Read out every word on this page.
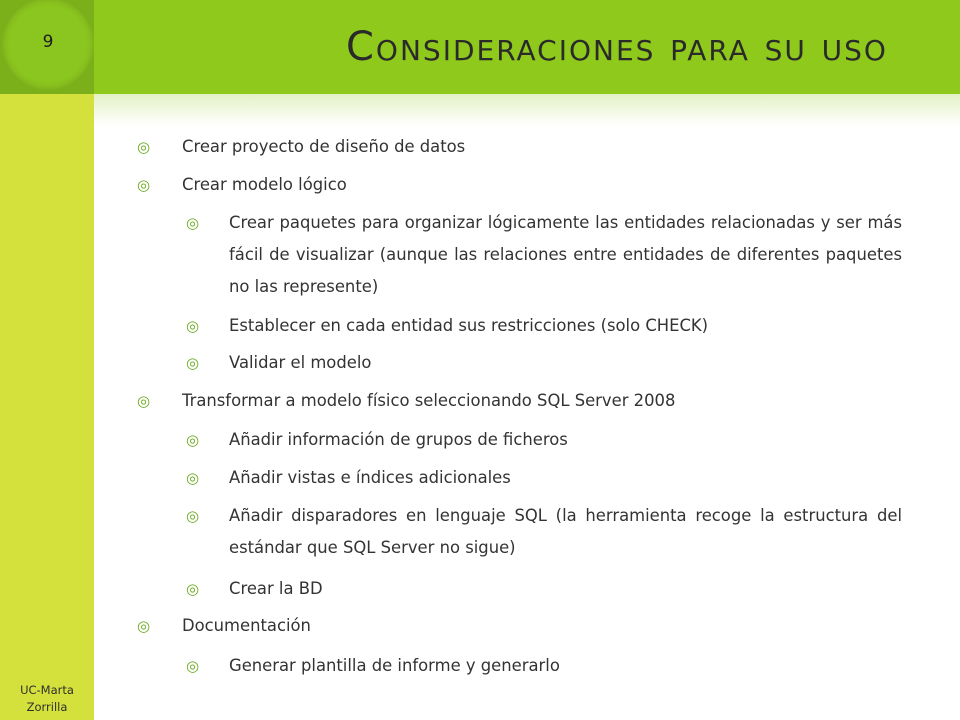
9	Consideraciones para su uso
◎ Crear proyecto de diseño de datos
◎ Crear modelo lógico
◎ Crear paquetes para organizar lógicamente las entidades relacionadas y ser más fácil de visualizar (aunque las relaciones entre entidades de diferentes paquetes no las represente)
◎ Establecer en cada entidad sus restricciones (solo CHECK)
◎ Validar el modelo
◎ Transformar a modelo físico seleccionando SQL Server 2008
◎ Añadir información de grupos de ficheros
◎ Añadir vistas e índices adicionales
◎ Añadir disparadores en lenguaje SQL (la herramienta recoge la estructura del estándar que SQL Server no sigue)
◎ Crear la BD
◎ Documentación
◎ Generar plantilla de informe y generarlo
UC-Marta
Zorrilla
